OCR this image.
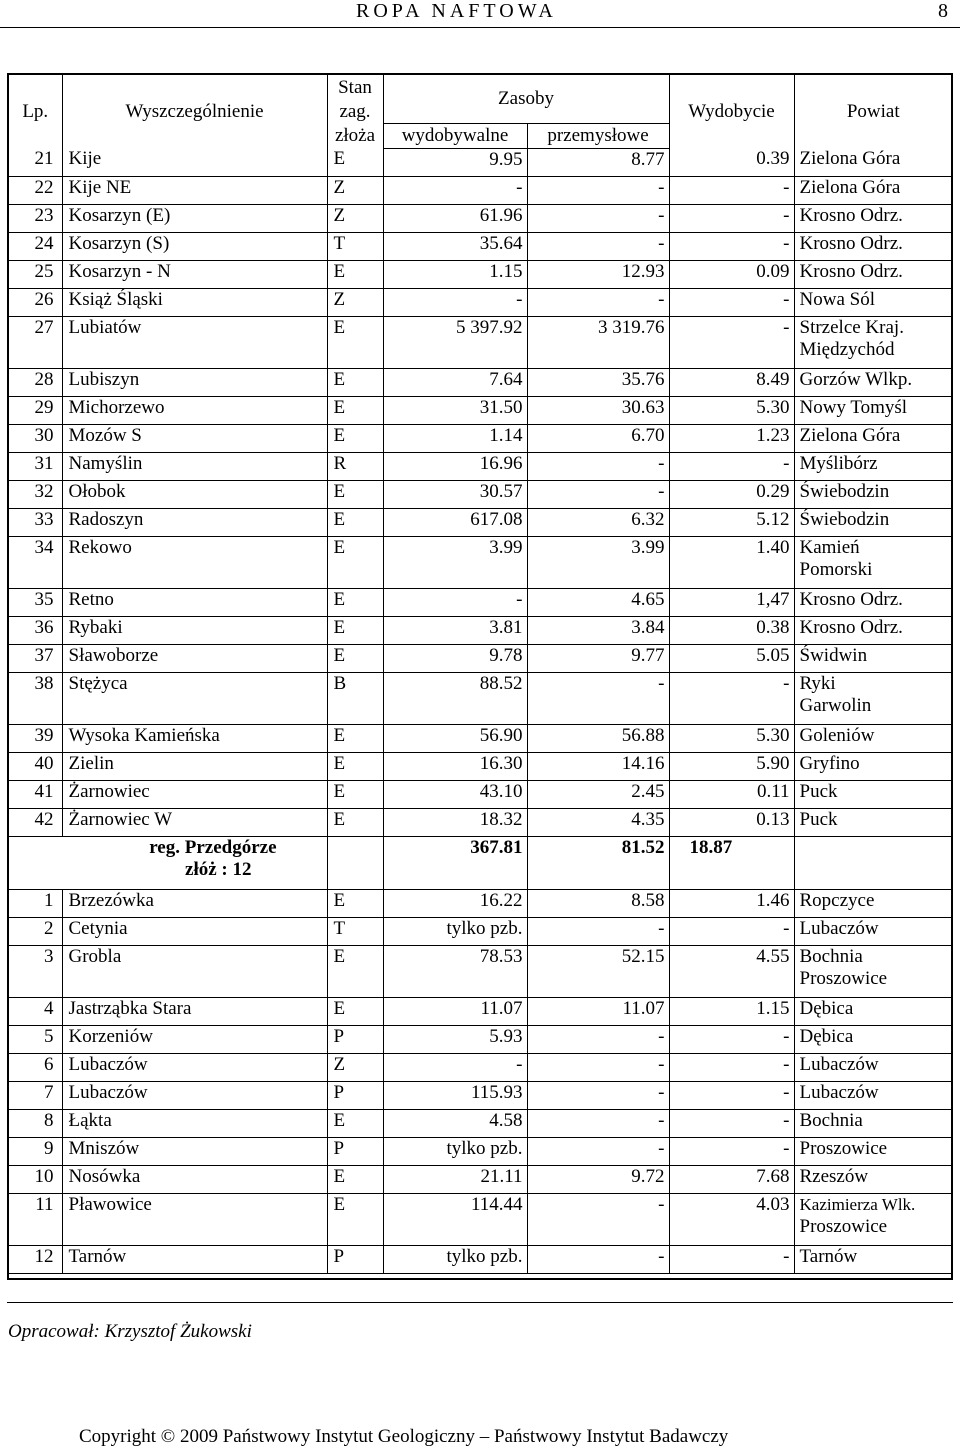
ROPA NAFTOWA	8
Lp.	Wyszczególnienie	Stan
zag.
złoża	Zasoby		Wydobycie	Powiat
			wydobywalne	przemysłowe		
21	Kije	E	9.95	8.77	0.39	Zielona Góra

22	Kije NE	Z	-	-	-	Zielona Góra

23	Kosarzyn (E)	Z	61.96	-	-	Krosno Odrz.

24	Kosarzyn (S)	T	35.64	-	-	Krosno Odrz.

25	Kosarzyn - N	E	1.15	12.93	0.09	Krosno Odrz.

26	Książ Śląski	Z	-	-	-	Nowa Sól

27	Lubiatów	E	5 397.92	3 319.76	-	Strzelce Kraj.
Międzychód

28	Lubiszyn	E	7.64	35.76	8.49	Gorzów Wlkp.

29	Michorzewo	E	31.50	30.63	5.30	Nowy Tomyśl

30	Mozów S	E	1.14	6.70	1.23	Zielona Góra

31	Namyślin	R	16.96	-	-	Myślibórz

32	Ołobok	E	30.57	-	0.29	Świebodzin

33	Radoszyn	E	617.08	6.32	5.12	Świebodzin

34	Rekowo	E	3.99	3.99	1.40	Kamień
Pomorski

35	Retno	E	-	4.65	1,47	Krosno Odrz.

36	Rybaki	E	3.81	3.84	0.38	Krosno Odrz.

37	Sławoborze	E	9.78	9.77	5.05	Świdwin

38	Stężyca	B	88.52	-	-	Ryki
Garwolin

39	Wysoka Kamieńska	E	56.90	56.88	5.30	Goleniów

40	Zielin	E	16.30	14.16	5.90	Gryfino

41	Żarnowiec	E	43.10	2.45	0.11	Puck

42	Żarnowiec W	E	18.32	4.35	0.13	Puck

reg. Przedgórze
złóż : 12			367.81	81.52	18.87	
1	Brzezówka	E	16.22	8.58	1.46	Ropczyce

2	Cetynia	T	tylko pzb.	-	-	Lubaczów

3	Grobla	E	78.53	52.15	4.55	Bochnia
Proszowice

4	Jastrząbka Stara	E	11.07	11.07	1.15	Dębica

5	Korzeniów	P	5.93	-	-	Dębica

6	Lubaczów	Z	-	-	-	Lubaczów

7	Lubaczów	P	115.93	-	-	Lubaczów

8	Łąkta	E	4.58	-	-	Bochnia

9	Mniszów	P	tylko pzb.	-	-	Proszowice

10	Nosówka	E	21.11	9.72	7.68	Rzeszów

11	Pławowice	E	114.44	-	4.03	Kazimierza Wlk.
Proszowice

12	Tarnów	P	tylko pzb.	-	-	Tarnów
Opracował: Krzysztof Żukowski
Copyright © 2009 Państwowy Instytut Geologiczny – Państwowy Instytut Badawczy
